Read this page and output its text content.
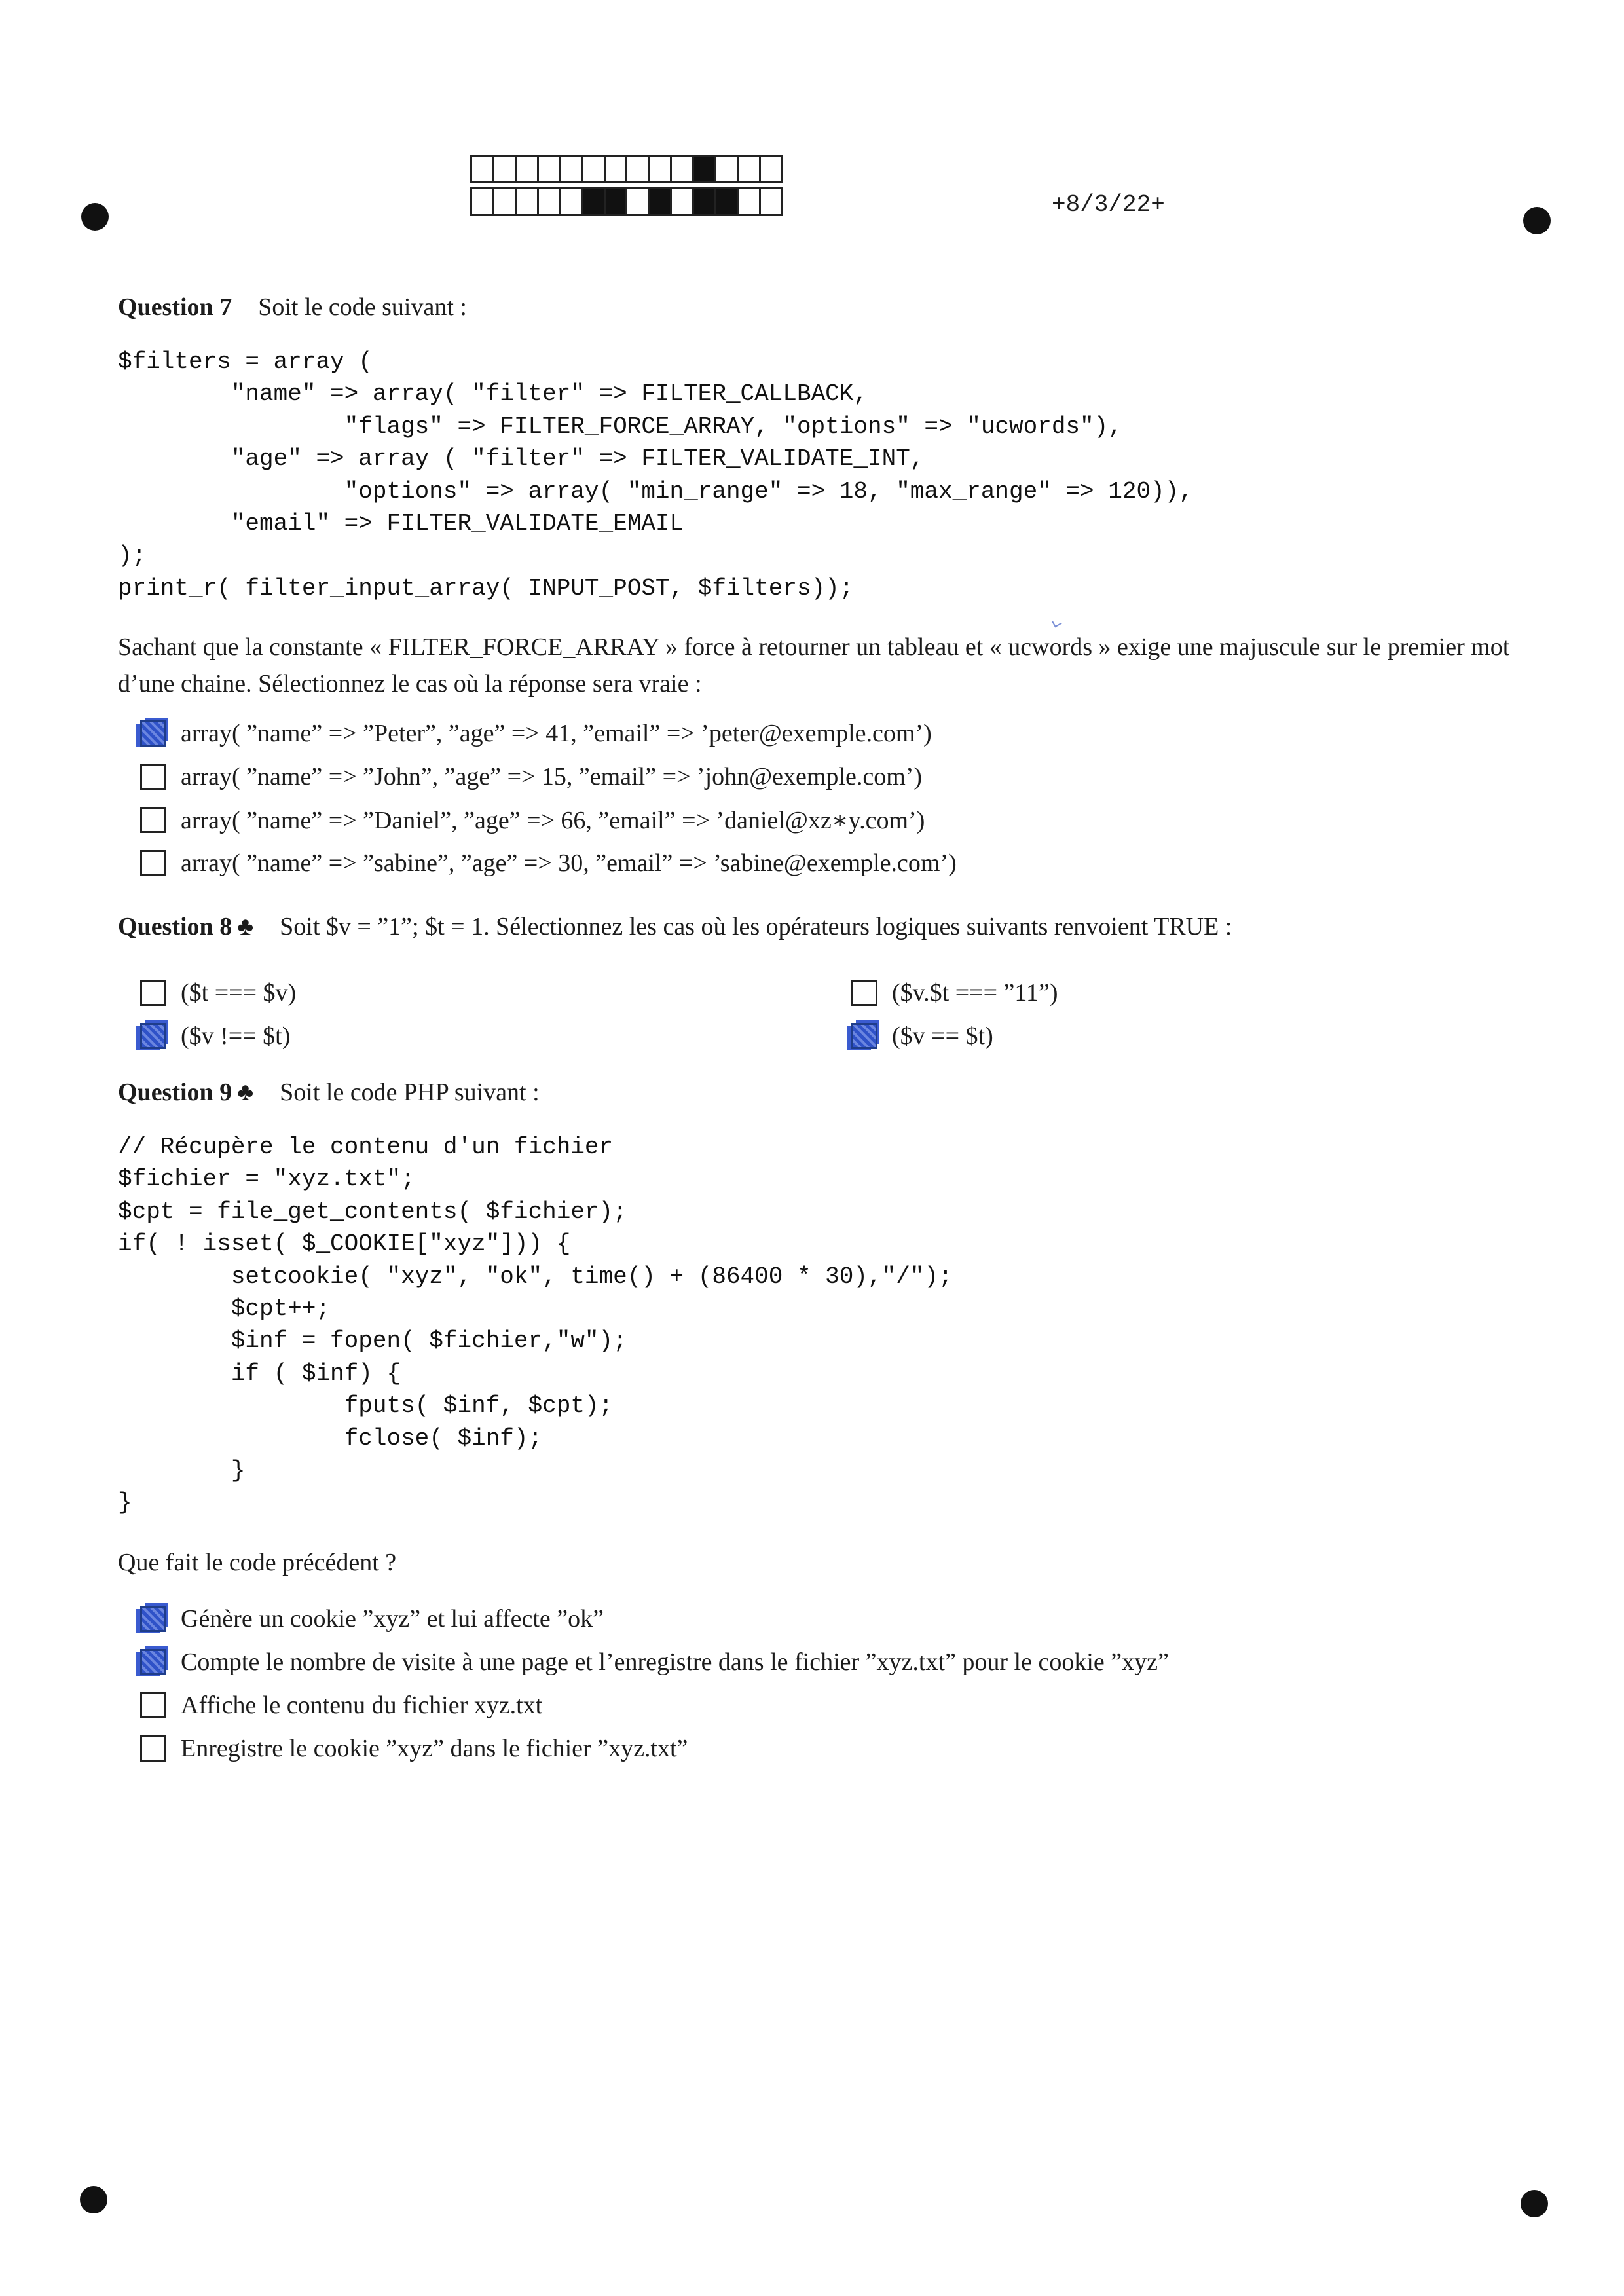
+8/3/22+
Question 7 Soit le code suivant :
$filters = array (
"name" => array( "filter" => FILTER_CALLBACK,
"flags" => FILTER_FORCE_ARRAY, "options" => "ucwords"),
"age" => array ( "filter" => FILTER_VALIDATE_INT,
"options" => array( "min_range" => 18, "max_range" => 120)),
"email" => FILTER_VALIDATE_EMAIL
);
print_r( filter_input_array( INPUT_POST, $filters));
Sachant que la constante « FILTER_FORCE_ARRAY » force à retourner un tableau et « ucwords » exige une majuscule sur le premier mot d’une chaine. Sélectionnez le cas où la réponse sera vraie :
array( ”name” => ”Peter”, ”age” => 41, ”email” => ’peter@exemple.com’)
array( ”name” => ”John”, ”age” => 15, ”email” => ’john@exemple.com’)
array( ”name” => ”Daniel”, ”age” => 66, ”email” => ’daniel@xz∗y.com’)
array( ”name” => ”sabine”, ”age” => 30, ”email” => ’sabine@exemple.com’)
Question 8 ♣ Soit $v = ”1”; $t = 1. Sélectionnez les cas où les opérateurs logiques suivants renvoient TRUE :
($t === $v)	($v.$t === ”11”)
($v !== $t)	($v == $t)
Question 9 ♣ Soit le code PHP suivant :
// Récupère le contenu d'un fichier
$fichier = "xyz.txt";
$cpt = file_get_contents( $fichier);
if( ! isset( $_COOKIE["xyz"])) {
setcookie( "xyz", "ok", time() + (86400 * 30),"/");
$cpt++;
$inf = fopen( $fichier,"w");
if ( $inf) {
fputs( $inf, $cpt);
fclose( $inf);
}
}
Que fait le code précédent ?
Génère un cookie ”xyz” et lui affecte ”ok”
Compte le nombre de visite à une page et l’enregistre dans le fichier ”xyz.txt” pour le cookie ”xyz”
Affiche le contenu du fichier xyz.txt
Enregistre le cookie ”xyz” dans le fichier ”xyz.txt”
